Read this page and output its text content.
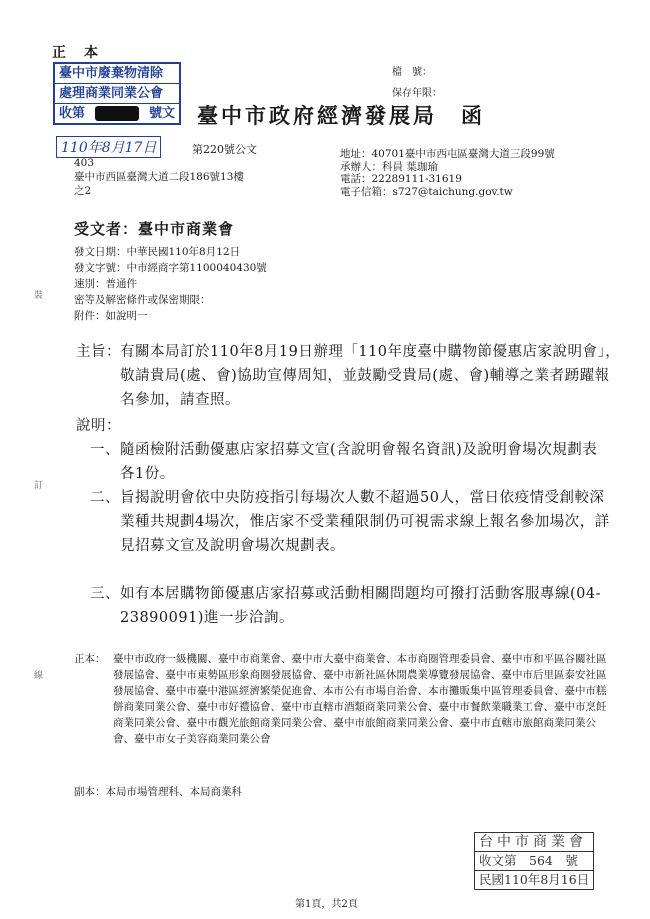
正本
臺中市廢棄物清除
處理商業同業公會
收第	號文
110年8月17日	第220號公文
檔　號：
保存年限：
臺中市政府經濟發展局　函
403
臺中市西區臺灣大道二段186號13樓
之2
地址：40701臺中市西屯區臺灣大道三段99號
承辦人：科員 葉珈瑜
電話：22289111-31619
電子信箱：s727@taichung.gov.tw
受文者：臺中市商業會
發文日期：中華民國110年8月12日
發文字號：中市經商字第1100040430號
速別：普通件
密等及解密條件或保密期限：
附件：如說明一
裝
訂
線
主旨： 有關本局訂於110年8月19日辦理「110年度臺中購物節優惠店家說明會」，敬請貴局(處、會)協助宣傳周知，並鼓勵受貴局(處、會)輔導之業者踴躍報名參加，請查照。
說明：
一、 隨函檢附活動優惠店家招募文宣(含說明會報名資訊)及說明會場次規劃表各1份。
二、 旨揭說明會依中央防疫指引每場次人數不超過50人，當日依疫情受創較深業種共規劃4場次，惟店家不受業種限制仍可視需求線上報名參加場次，詳見招募文宣及說明會場次規劃表。
三、 如有本居購物節優惠店家招募或活動相關問題均可撥打活動客服專線(04-23890091)進一步洽詢。
正本： 臺中市政府一級機關、臺中市商業會、臺中市大臺中商業會、本市商圈管理委員會、臺中市和平區谷關社區發展協會、臺中市東勢區形象商圈發展協會、臺中市新社區休閒農業導覽發展協會、臺中市后里區泰安社區發展協會、臺中市臺中港區經濟繁榮促進會、本市公有市場自治會、本市攤販集中區管理委員會、臺中市糕餅商業同業公會、臺中市好禮協會、臺中市直轄市酒類商業同業公會、臺中市餐飲業職業工會、臺中市烹飪商業同業公會、臺中市觀光旅館商業同業公會、臺中市旅館商業同業公會、臺中市直轄市旅館商業同業公會、臺中市女子美容商業同業公會
副本：本局市場管理科、本局商業科
台中市商業會
收文第　564　號
民國110年8月16日
第1頁，共2頁
